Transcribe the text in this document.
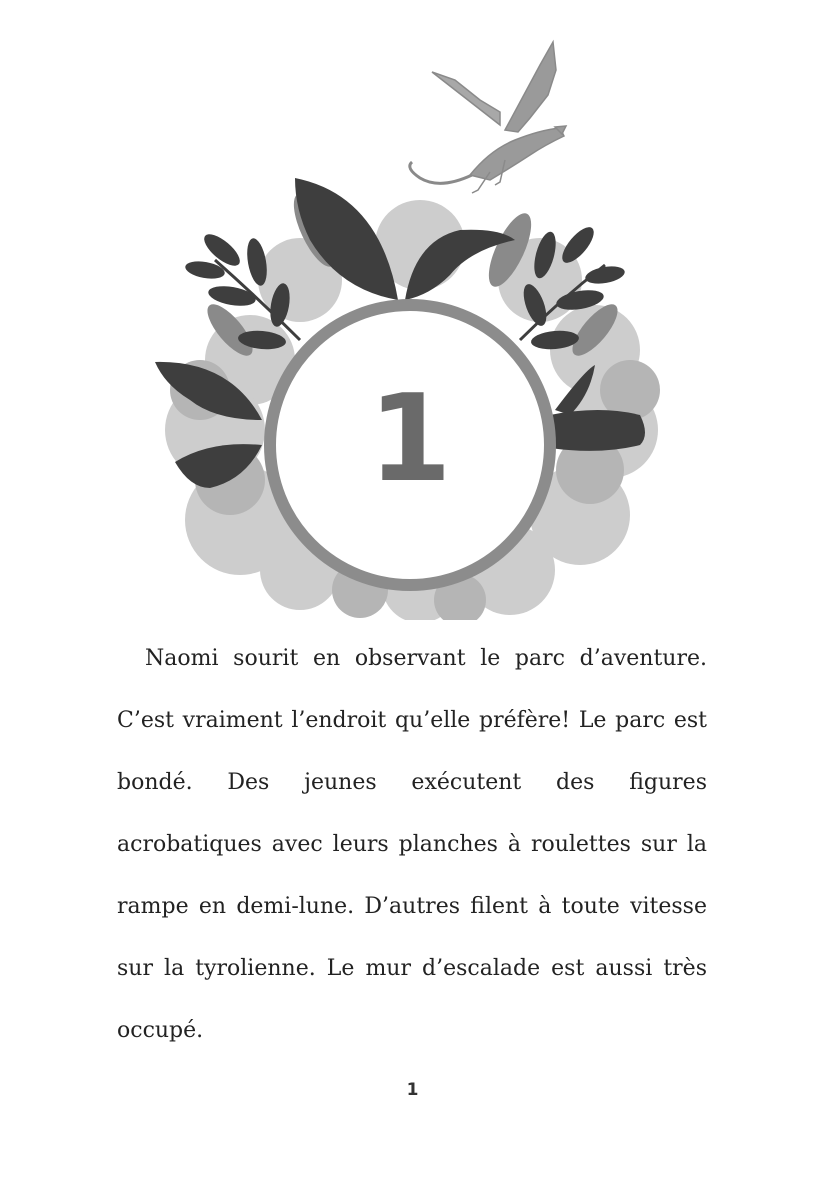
1

Naomi sourit en observant le parc d’aventure. C’est vraiment l’endroit qu’elle préfère! Le parc est bondé. Des jeunes exécutent des figures acrobatiques avec leurs planches à roulettes sur la rampe en demi-lune. D’autres filent à toute vitesse sur la tyrolienne. Le mur d’escalade est aussi très occupé.

1
